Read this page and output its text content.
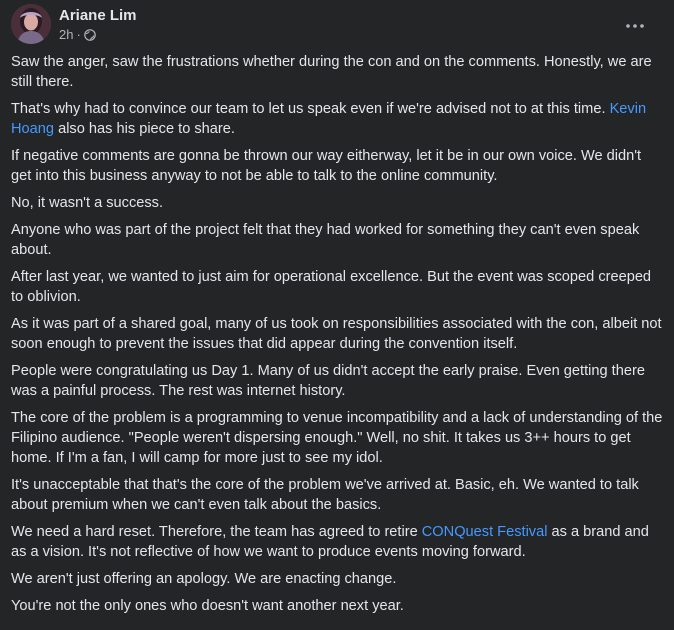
Ariane Lim
2h ·

Saw the anger, saw the frustrations whether during the con and on the comments. Honestly, we are still there.

That's why had to convince our team to let us speak even if we're advised not to at this time. Kevin Hoang also has his piece to share.

If negative comments are gonna be thrown our way eitherway, let it be in our own voice. We didn't get into this business anyway to not be able to talk to the online community.

No, it wasn't a success.

Anyone who was part of the project felt that they had worked for something they can't even speak about.

After last year, we wanted to just aim for operational excellence. But the event was scoped creeped to oblivion.

As it was part of a shared goal, many of us took on responsibilities associated with the con, albeit not soon enough to prevent the issues that did appear during the convention itself.

People were congratulating us Day 1. Many of us didn't accept the early praise. Even getting there was a painful process. The rest was internet history.

The core of the problem is a programming to venue incompatibility and a lack of understanding of the Filipino audience. "People weren't dispersing enough." Well, no shit. It takes us 3++ hours to get home. If I'm a fan, I will camp for more just to see my idol.

It's unacceptable that that's the core of the problem we've arrived at. Basic, eh. We wanted to talk about premium when we can't even talk about the basics.

We need a hard reset. Therefore, the team has agreed to retire CONQuest Festival as a brand and as a vision. It's not reflective of how we want to produce events moving forward.

We aren't just offering an apology. We are enacting change.

You're not the only ones who doesn't want another next year.
